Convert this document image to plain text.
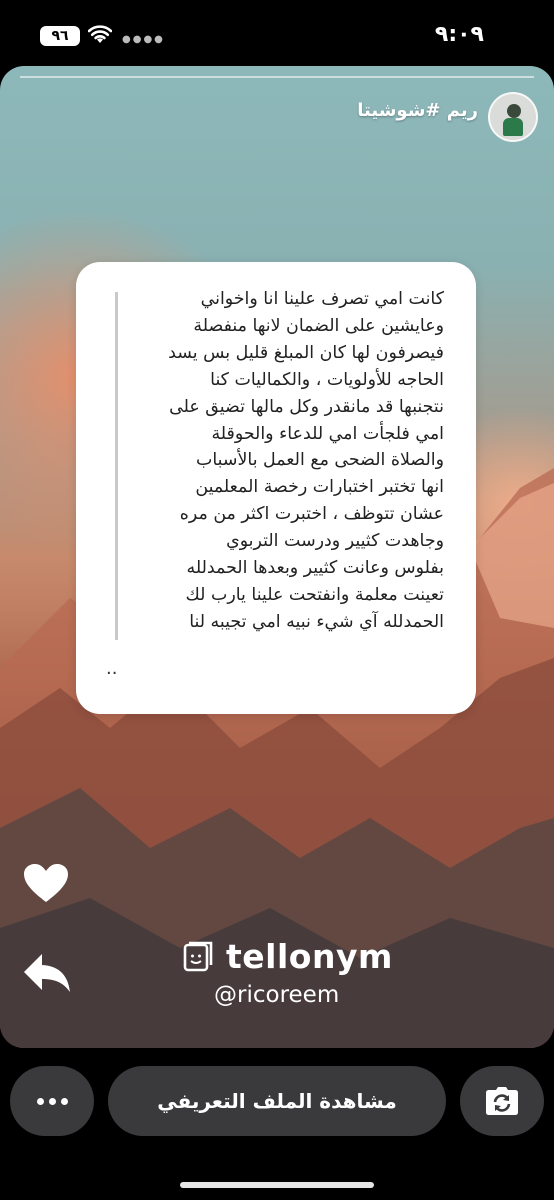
٩٦	●●●●	٩:٠٩
ريم #شوشيتا
كانت امي تصرف علينا انا واخواني
وعايشين على الضمان لانها منفصلة
فيصرفون لها كان المبلغ قليل بس يسد
الحاجه للأولويات ، والكماليات كنا
نتجنبها قد مانقدر وكل مالها تضيق على
امي فلجأت امي للدعاء والحوقلة
والصلاة الضحى مع العمل بالأسباب
انها تختبر اختبارات رخصة المعلمين
عشان تتوظف ، اختبرت اكثر من مره
وجاهدت كثيير ودرست التربوي
بفلوس وعانت كثيير وبعدها الحمدلله
تعينت معلمة وانفتحت علينا يارب لك
الحمدلله آي شيء نبيه امي تجيبه لنا
..
tellonym
@ricoreem
مشاهدة الملف التعريفي
